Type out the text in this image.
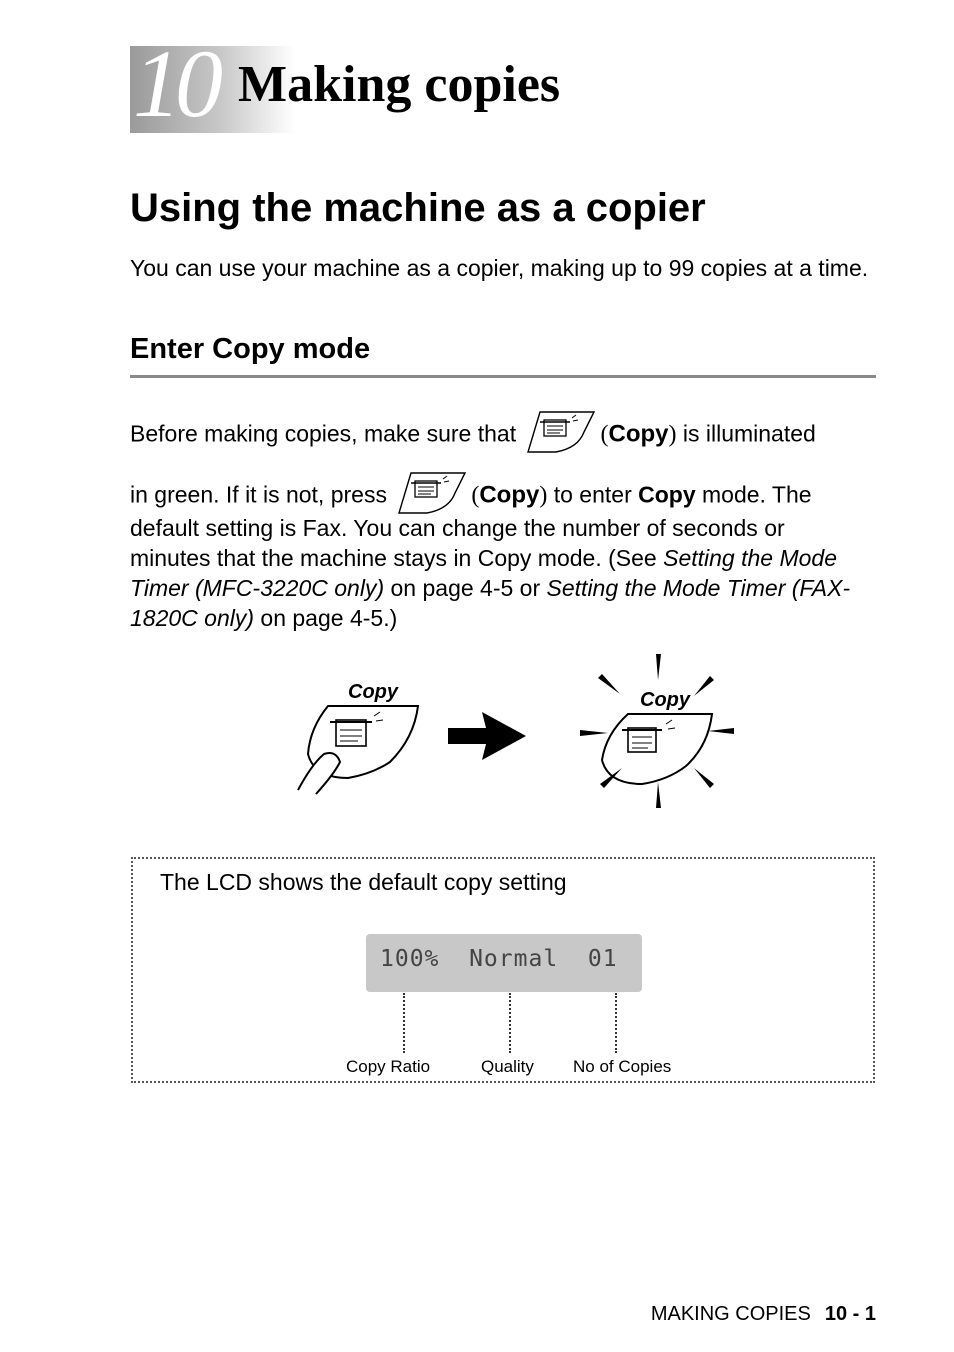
10 Making copies
Using the machine as a copier

You can use your machine as a copier, making up to 99 copies at a time.

Enter Copy mode
Before making copies, make sure that	(Copy) is illuminated
in green. If it is not, press	(Copy) to enter Copy mode. The

default setting is Fax. You can change the number of seconds or minutes that the machine stays in Copy mode. (See Setting the Mode Timer (MFC-3220C only) on page 4-5 or Setting the Mode Timer (FAX-1820C only) on page 4-5.)

Copy	Copy

The LCD shows the default copy setting

100%  Normal  01
Copy Ratio	Quality No of Copies
MAKING COPIES 10 - 1
